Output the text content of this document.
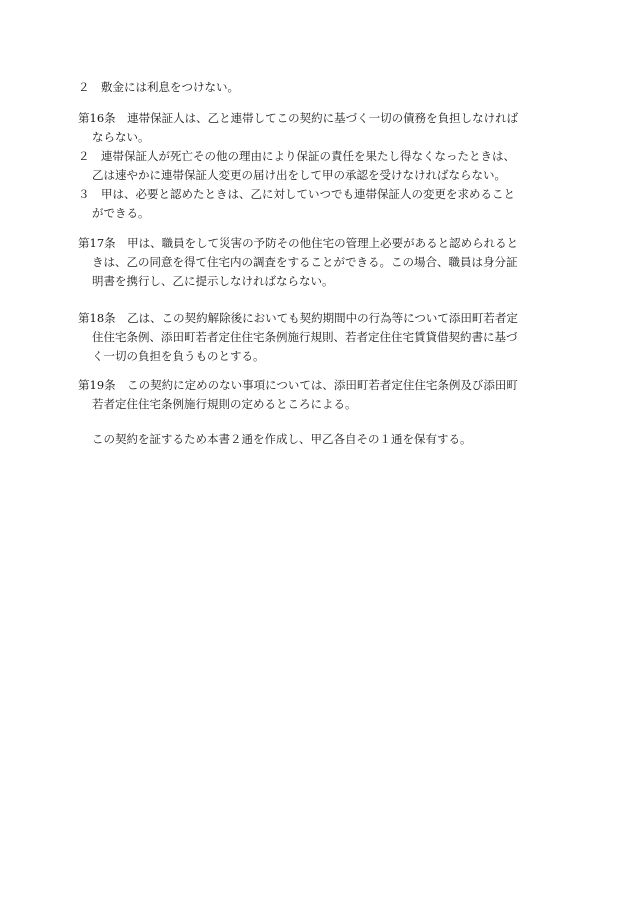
２　敷金には利息をつけない。
第16条　連帯保証人は、乙と連帯してこの契約に基づく一切の債務を負担しなければ
ならない。
２　連帯保証人が死亡その他の理由により保証の責任を果たし得なくなったときは、
乙は速やかに連帯保証人変更の届け出をして甲の承認を受けなければならない。
３　甲は、必要と認めたときは、乙に対していつでも連帯保証人の変更を求めること
ができる。
第17条　甲は、職員をして災害の予防その他住宅の管理上必要があると認められると
きは、乙の同意を得て住宅内の調査をすることができる。この場合、職員は身分証
明書を携行し、乙に提示しなければならない。
第18条　乙は、この契約解除後においても契約期間中の行為等について添田町若者定
住住宅条例、添田町若者定住住宅条例施行規則、若者定住住宅賃貸借契約書に基づ
く一切の負担を負うものとする。
第19条　この契約に定めのない事項については、添田町若者定住住宅条例及び添田町
若者定住住宅条例施行規則の定めるところによる。
この契約を証するため本書２通を作成し、甲乙各自その１通を保有する。
